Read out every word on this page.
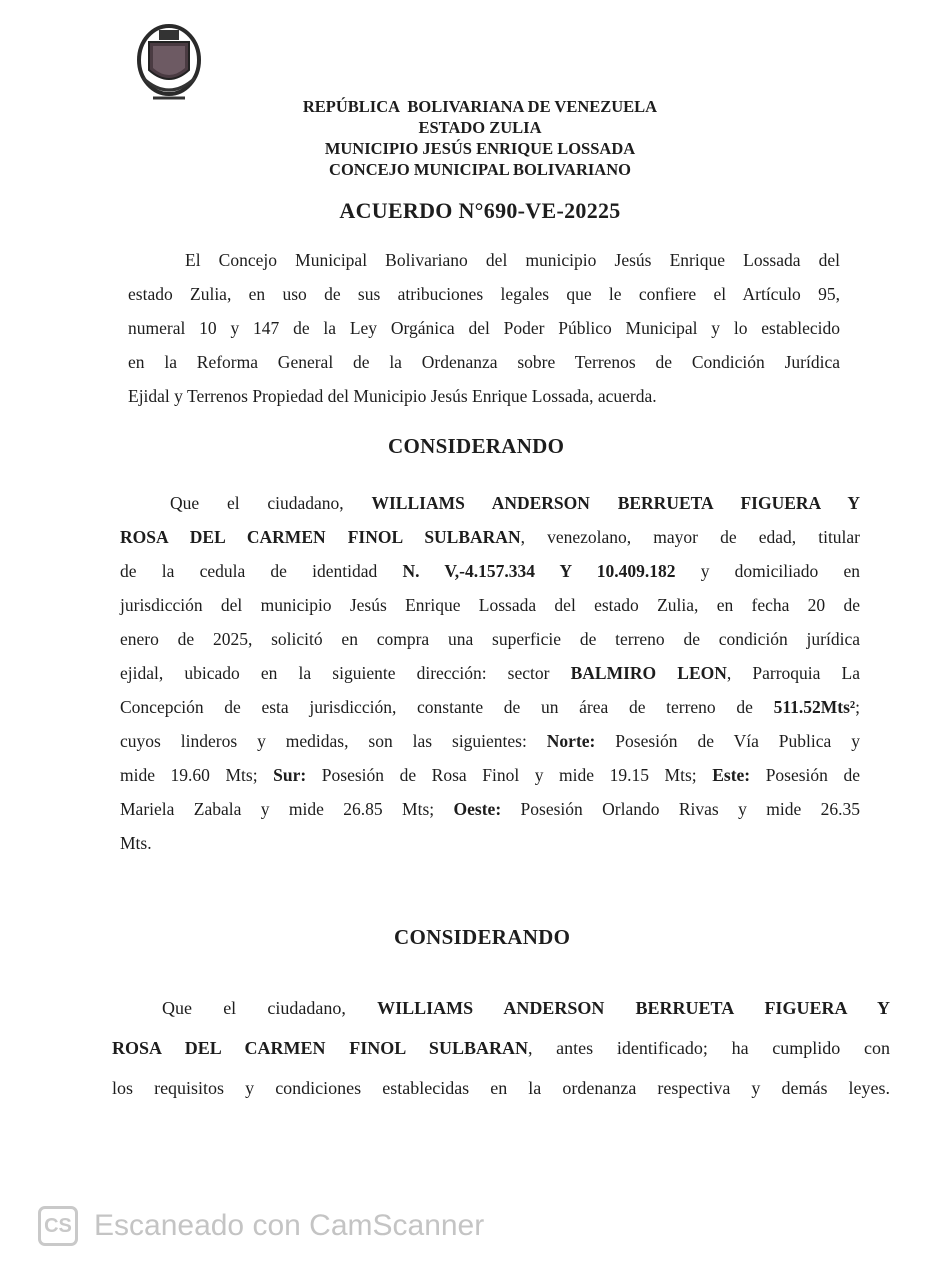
REPÚBLICA  BOLIVARIANA DE VENEZUELA
ESTADO ZULIA
MUNICIPIO JESÚS ENRIQUE LOSSADA
CONCEJO MUNICIPAL BOLIVARIANO
ACUERDO N°690-VE-20225
El Concejo Municipal Bolivariano del municipio Jesús Enrique Lossada del
estado Zulia, en uso de sus atribuciones legales que le confiere el Artículo 95,
numeral 10 y 147 de la Ley Orgánica del Poder Público Municipal y lo establecido
en la Reforma General de la Ordenanza sobre Terrenos de Condición Jurídica
Ejidal y Terrenos Propiedad del Municipio Jesús Enrique Lossada, acuerda.
CONSIDERANDO
Que el ciudadano, WILLIAMS ANDERSON BERRUETA FIGUERA Y
ROSA DEL CARMEN FINOL SULBARAN, venezolano, mayor de edad, titular
de la cedula de identidad N. V,-4.157.334 Y 10.409.182 y domiciliado en
jurisdicción del municipio Jesús Enrique Lossada del estado Zulia, en fecha 20 de
enero de 2025, solicitó en compra una superficie de terreno de condición jurídica
ejidal, ubicado en la siguiente dirección: sector BALMIRO LEON, Parroquia La
Concepción de esta jurisdicción, constante de un área de terreno de 511.52Mts²;
cuyos linderos y medidas, son las siguientes: Norte: Posesión de Vía Publica y
mide 19.60 Mts; Sur: Posesión de Rosa Finol y mide 19.15 Mts; Este: Posesión de
Mariela Zabala y mide 26.85 Mts; Oeste: Posesión Orlando Rivas y mide 26.35
Mts.
CONSIDERANDO
Que el ciudadano, WILLIAMS ANDERSON BERRUETA FIGUERA Y
ROSA DEL CARMEN FINOL SULBARAN, antes identificado; ha cumplido con
los requisitos y condiciones establecidas en la ordenanza respectiva y demás leyes.
CS Escaneado con CamScanner
